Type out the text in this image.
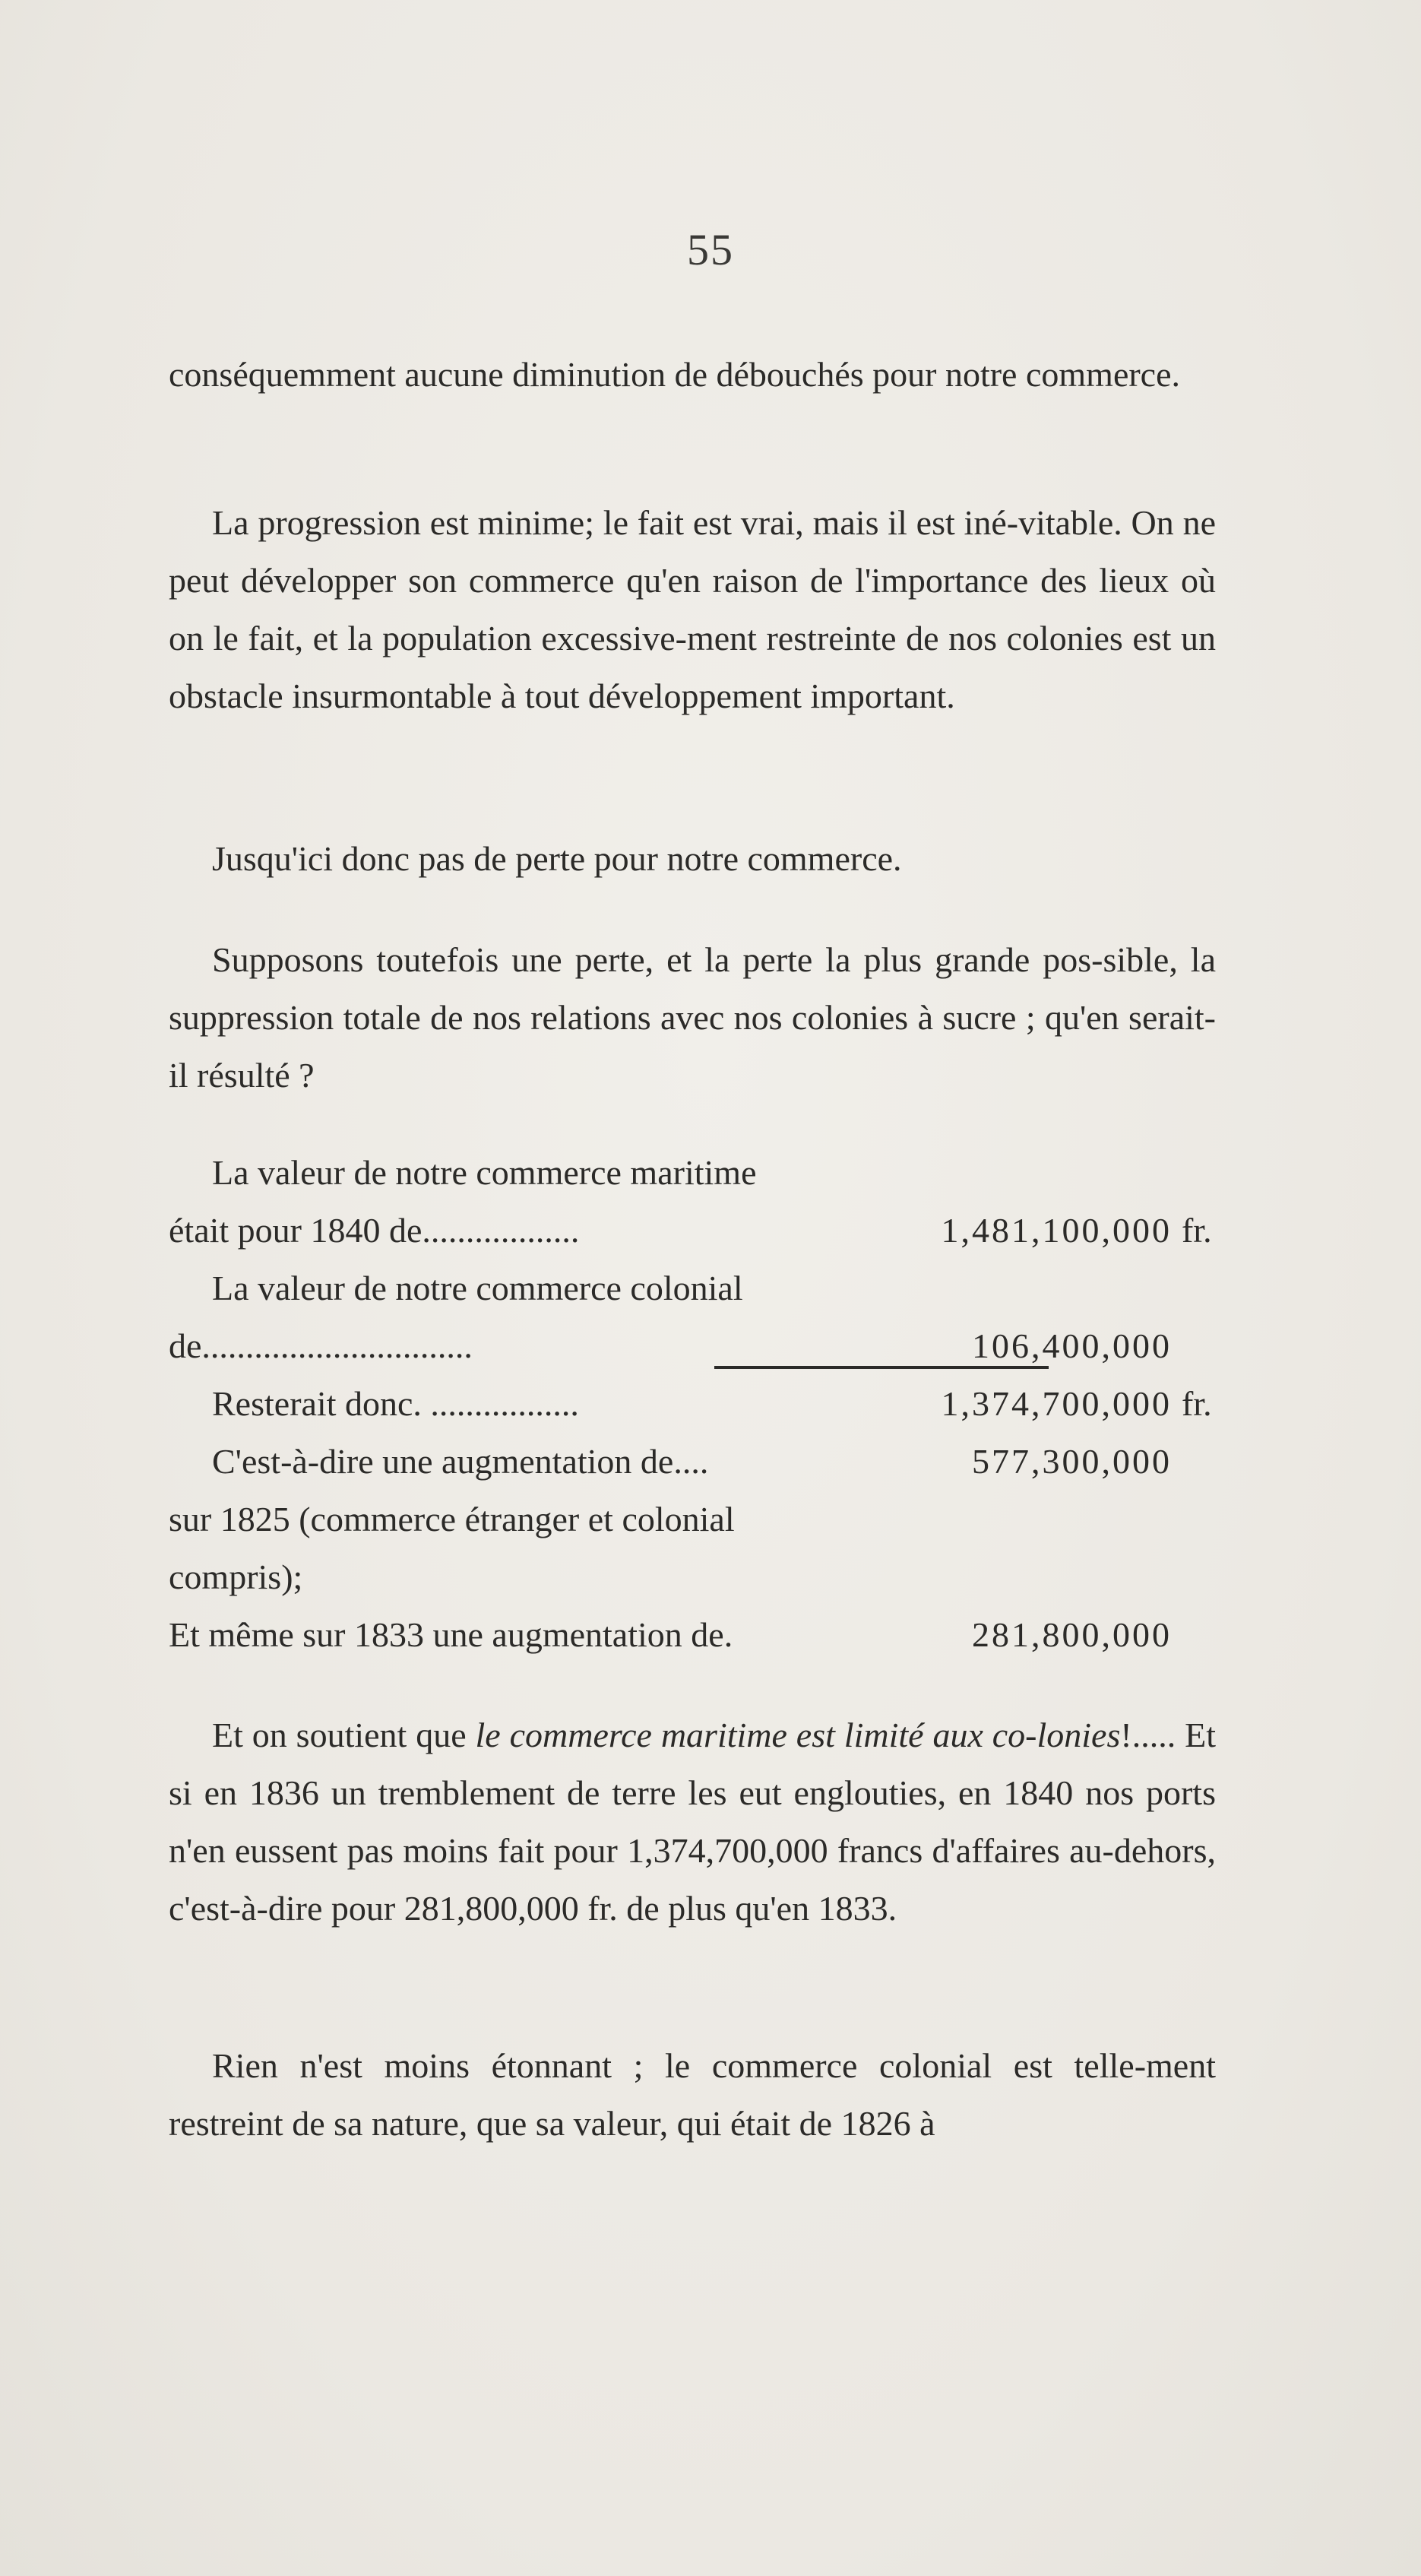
55

conséquemment aucune diminution de débouchés pour notre commerce.

La progression est minime; le fait est vrai, mais il est iné-vitable. On ne peut développer son commerce qu'en raison de l'importance des lieux où on le fait, et la population excessive-ment restreinte de nos colonies est un obstacle insurmontable à tout développement important.

Jusqu'ici donc pas de perte pour notre commerce.

Supposons toutefois une perte, et la perte la plus grande pos-sible, la suppression totale de nos relations avec nos colonies à sucre ; qu'en serait-il résulté ?

La valeur de notre commerce maritime
était pour 1840 de..................	1,481,100,000 fr.
La valeur de notre commerce colonial
de...............................	106,400,000
Resterait donc. .................	1,374,700,000 fr.
C'est-à-dire une augmentation de....	577,300,000
sur 1825 (commerce étranger et colonial
compris);
Et même sur 1833 une augmentation de.	281,800,000

Et on soutient que le commerce maritime est limité aux co-lonies!..... Et si en 1836 un tremblement de terre les eut englouties, en 1840 nos ports n'en eussent pas moins fait pour 1,374,700,000 francs d'affaires au-dehors, c'est-à-dire pour 281,800,000 fr. de plus qu'en 1833.

Rien n'est moins étonnant ; le commerce colonial est telle-ment restreint de sa nature, que sa valeur, qui était de 1826 à
